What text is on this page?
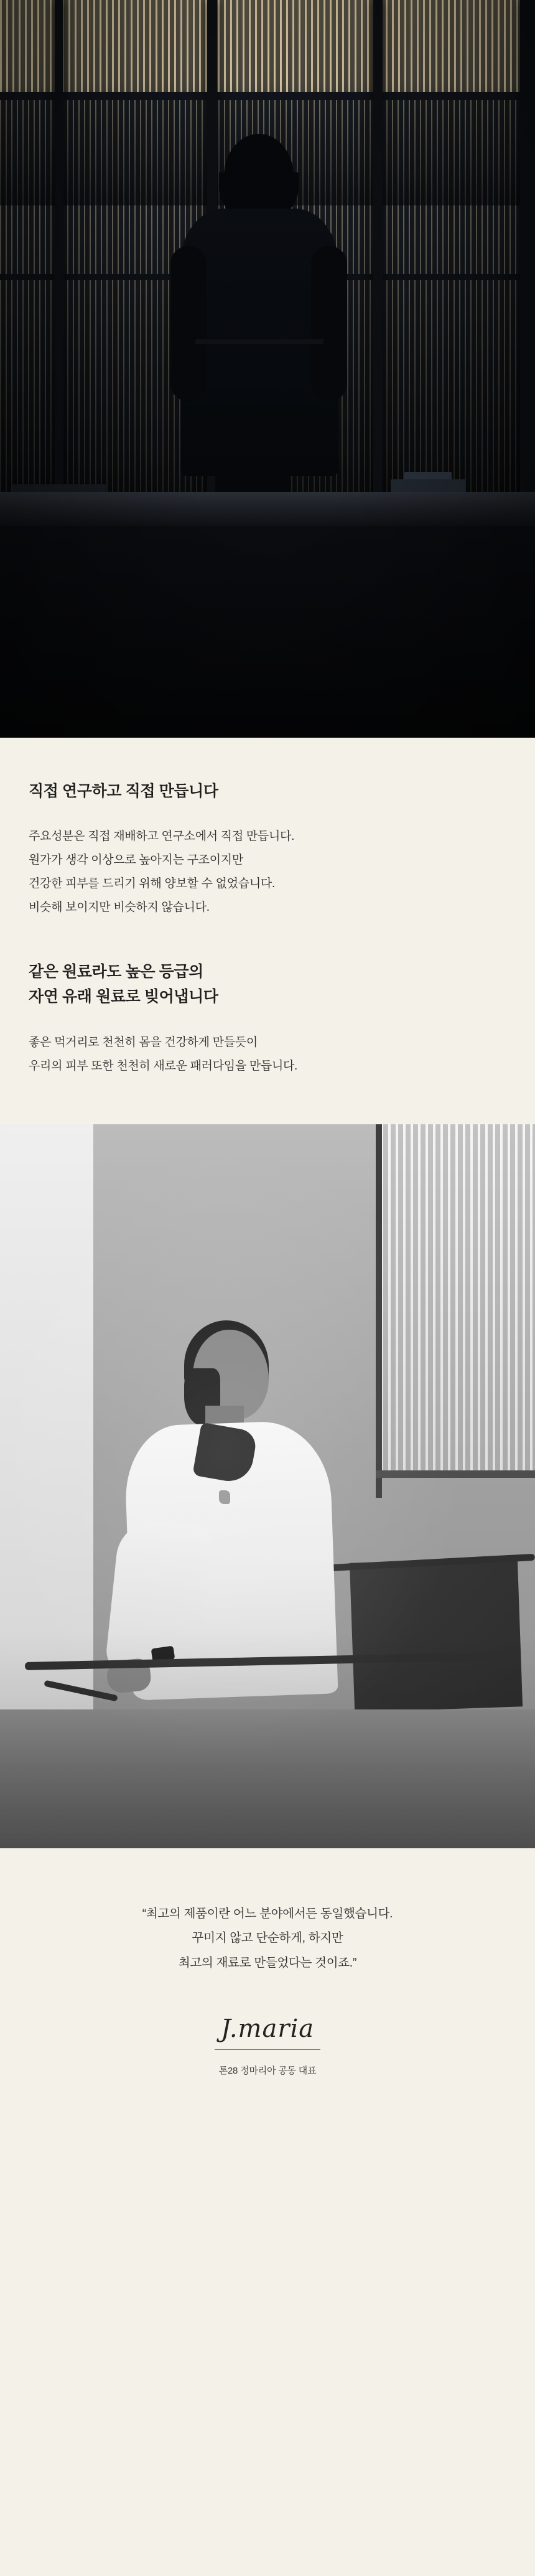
직접 연구하고 직접 만듭니다

주요성분은 직접 재배하고 연구소에서 직접 만듭니다.
원가가 생각 이상으로 높아지는 구조이지만
건강한 피부를 드리기 위해 양보할 수 없었습니다.
비슷해 보이지만 비슷하지 않습니다.

같은 원료라도 높은 등급의
자연 유래 원료로 빚어냅니다

좋은 먹거리로 천천히 몸을 건강하게 만들듯이
우리의 피부 또한 천천히 새로운 패러다임을 만듭니다.

“최고의 제품이란 어느 분야에서든 동일했습니다.

꾸미지 않고 단순하게, 하지만

최고의 재료로 만들었다는 것이죠.”

J.maria
톤28 정마리아 공동 대표
